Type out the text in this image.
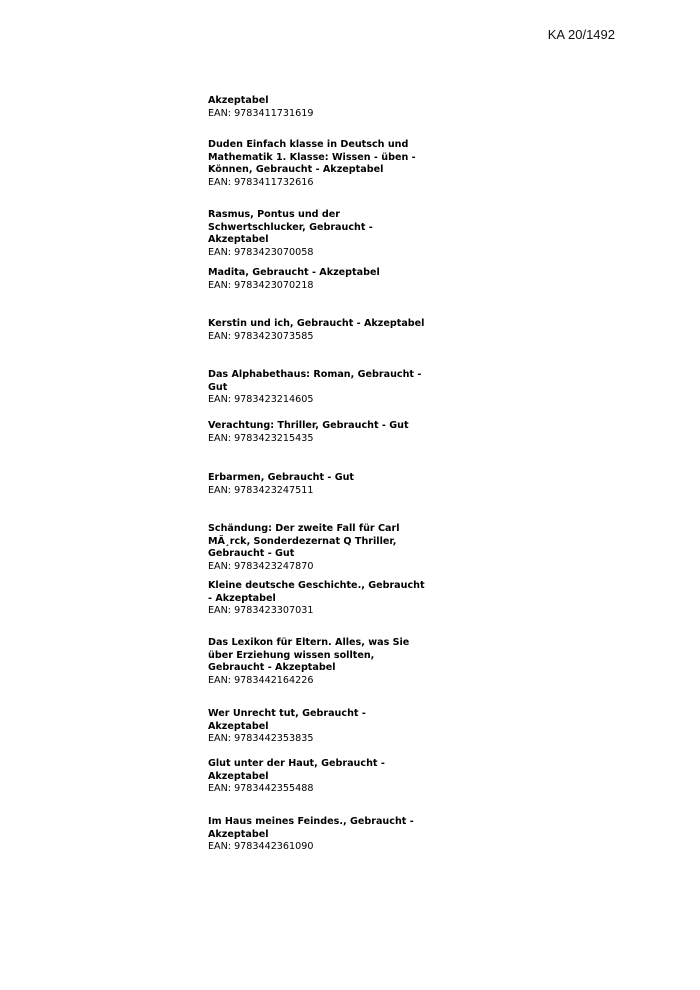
KA 20/1492
Akzeptabel
EAN: 9783411731619
Duden Einfach klasse in Deutsch und Mathematik 1. Klasse: Wissen - üben - Können, Gebraucht - Akzeptabel
EAN: 9783411732616
Rasmus, Pontus und der Schwertschlucker, Gebraucht - Akzeptabel
EAN: 9783423070058
Madita, Gebraucht - Akzeptabel
EAN: 9783423070218
Kerstin und ich, Gebraucht - Akzeptabel
EAN: 9783423073585
Das Alphabethaus: Roman, Gebraucht - Gut
EAN: 9783423214605
Verachtung: Thriller, Gebraucht - Gut
EAN: 9783423215435
Erbarmen, Gebraucht - Gut
EAN: 9783423247511
Schändung: Der zweite Fall für Carl MÃ¸rck, Sonderdezernat Q Thriller, Gebraucht - Gut
EAN: 9783423247870
Kleine deutsche Geschichte., Gebraucht - Akzeptabel
EAN: 9783423307031
Das Lexikon für Eltern. Alles, was Sie über Erziehung wissen sollten, Gebraucht - Akzeptabel
EAN: 9783442164226
Wer Unrecht tut, Gebraucht - Akzeptabel
EAN: 9783442353835
Glut unter der Haut, Gebraucht - Akzeptabel
EAN: 9783442355488
Im Haus meines Feindes., Gebraucht - Akzeptabel
EAN: 9783442361090
